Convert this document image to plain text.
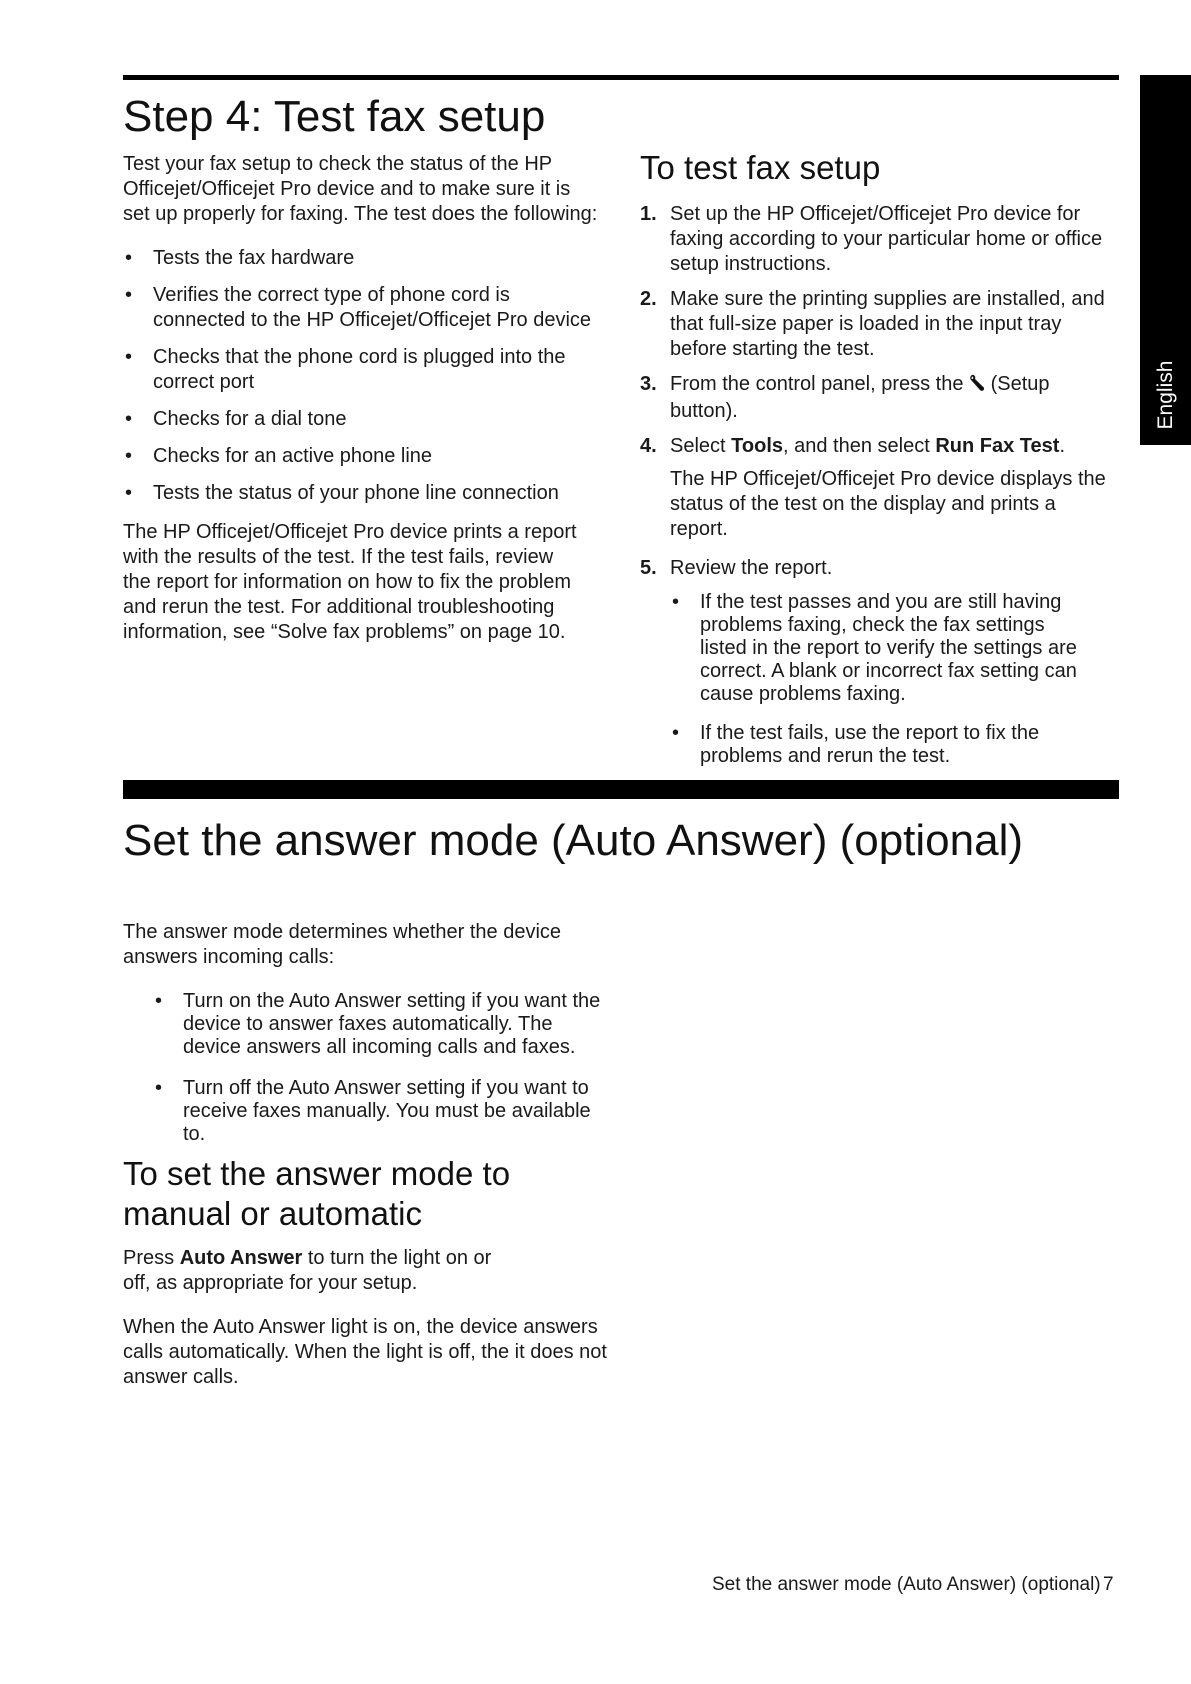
English
Step 4: Test fax setup

Test your fax setup to check the status of the HP Officejet/Officejet Pro device and to make sure it is set up properly for faxing. The test does the following:

• Tests the fax hardware
• Verifies the correct type of phone cord is connected to the HP Officejet/Officejet Pro device
• Checks that the phone cord is plugged into the correct port
• Checks for a dial tone
• Checks for an active phone line
• Tests the status of your phone line connection

The HP Officejet/Officejet Pro device prints a report with the results of the test. If the test fails, review the report for information on how to fix the problem and rerun the test. For additional troubleshooting information, see “Solve fax problems” on page 10.

To test fax setup
1. Set up the HP Officejet/Officejet Pro device for faxing according to your particular home or office setup instructions.
2. Make sure the printing supplies are installed, and that full-size paper is loaded in the input tray before starting the test.
3. From the control panel, press the (Setup button).
4. Select Tools, and then select Run Fax Test.

The HP Officejet/Officejet Pro device displays the status of the test on the display and prints a report.

5. Review the report.
• If the test passes and you are still having problems faxing, check the fax settings listed in the report to verify the settings are correct. A blank or incorrect fax setting can cause problems faxing.
• If the test fails, use the report to fix the problems and rerun the test.
Set the answer mode (Auto Answer) (optional)

The answer mode determines whether the device answers incoming calls:

• Turn on the Auto Answer setting if you want the device to answer faxes automatically. The device answers all incoming calls and faxes.
• Turn off the Auto Answer setting if you want to receive faxes manually. You must be available to.
To set the answer mode to manual or automatic

Press Auto Answer to turn the light on or off, as appropriate for your setup.

When the Auto Answer light is on, the device answers calls automatically. When the light is off, the it does not answer calls.

Set the answer mode (Auto Answer) (optional) 7
